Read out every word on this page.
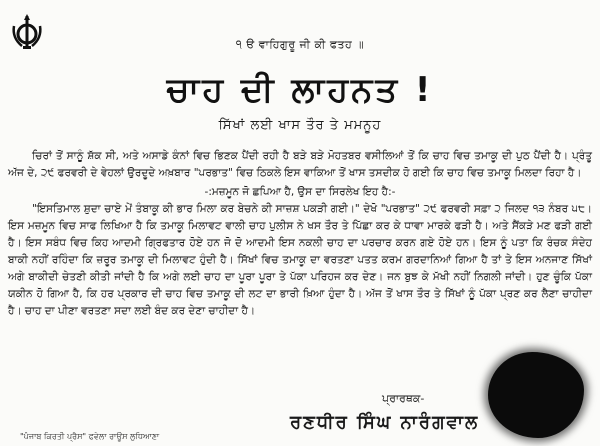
੧ ੳ ਵਾਹਿਗੁਰੂ ਜੀ ਕੀ ਫਤਹ ॥
ਚਾਹ ਦੀ ਲਾਹਨਤ !
ਸਿੱਖਾਂ ਲਈ ਖਾਸ ਤੌਰ ਤੇ ਮਮਨੂਹ

ਚਿਰਾਂ ਤੋਂ ਸਾਨੂੰ ਸ਼ੱਕ ਸੀ, ਅਤੇ ਅਸਾਡੇ ਕੰਨਾਂ ਵਿਚ ਭਿਣਕ ਪੈਂਦੀ ਰਹੀ ਹੈ ਬੜੇ ਬੜੇ ਮੋਹਤਬਰ ਵਸੀਲਿਆਂ ਤੋਂ ਕਿ ਚਾਹ ਵਿਚ ਤਮਾਕੂ ਦੀ ਪੁਠ ਪੈਂਦੀ ਹੈ। ਪ੍ਰੰਤੂ ਅੱਜ ਦੇ, ੨੯ ਫਰਵਰੀ ਦੇ ਵੇਹਲਾਂ ਉਰਦੂਦੇ ਅਖ਼ਬਾਰ "ਪਰਭਾਤ" ਵਿਚ ਠਿਕਲੇ ਇਸ ਵਾਕਿਆ ਤੋਂ ਖਾਸ ਤਸਦੀਕ ਹੋ ਗਈ ਕਿ ਚਾਹ ਵਿਚ ਤਮਾਕੂ ਮਿਲਦਾ ਰਿਹਾ ਹੈ।

-:ਮਜ਼ਮੂਨ ਜੋ ਛਪਿਆ ਹੈ, ਉਸ ਦਾ ਸਿਰਲੇਖ ਇਹ ਹੈ:-

"ਇਸਤਿਮਾਲ ਸ਼ੁਦਾ ਚਾਏ ਮੇਂ ਤੰਬਾਕੂ ਕੀ ਭਾਰ ਮਿਲਾ ਕਰ ਬੇਚਨੇ ਕੀ ਸਾਜ਼ਸ਼ ਪਕੜੀ ਗਈ।" ਦੇਖੋ "ਪਰਭਾਤ" ੨੯ ਫਰਵਰੀ ਸਫ਼ਾ ੨ ਜਿਲਦ ੧੩ ਨੰਬਰ ੫੮। ਇਸ ਮਜ਼ਮੂਨ ਵਿਚ ਸਾਫ ਲਿਖਿਆ ਹੈ ਕਿ ਤਮਾਕੂ ਮਿਲਾਵਟ ਵਾਲੀ ਚਾਹ ਪੁਲੀਸ ਨੇ ਖਸ ਤੌਰ ਤੇ ਪਿੱਛਾ ਕਰ ਕੇ ਧਾਵਾ ਮਾਰਕੇ ਫੜੀ ਹੈ। ਅਤੇ ਸੈਂਕੜੇ ਮਣ ਫੜੀ ਗਈ ਹੈ। ਇਸ ਸਬੰਧ ਵਿਚ ਕਿਹ ਆਦਮੀ ਗ੍ਰਿਫਤਾਰ ਹੋਏ ਹਨ ਜੋ ਦੋ ਆਦਮੀ ਇਸ ਨਕਲੀ ਚਾਹ ਦਾ ਪਰਚਾਰ ਕਰਨ ਗਏ ਹੋਏ ਹਨ। ਇਸ ਨੂੰ ਪਤਾ ਕਿ ਰੰਚਕ ਸੰਦੇਹ ਬਾਕੀ ਨਹੀਂ ਰਹਿੰਦਾ ਕਿ ਜ਼ਰੂਰ ਤਮਾਕੂ ਦੀ ਮਿਲਾਵਟ ਹੁੰਦੀ ਹੈ। ਸਿੱਖਾਂ ਵਿਚ ਤਮਾਕੂ ਦਾ ਵਰਤਣਾ ਪਤਤ ਕਰਮ ਗਰਦਾਨਿਆਂ ਗਿਆ ਹੈ ਤਾਂ ਤੇ ਇਸ ਅਨਜਾਣ ਸਿੱਖਾਂ ਅਗੇ ਬਾਕੀਦੀ ਚੇਤਣੀ ਕੀਤੀ ਜਾਂਦੀ ਹੈ ਕਿ ਅਗੇ ਲਈ ਚਾਹ ਦਾ ਪੂਰਾ ਪੂਰਾ ਤੇ ਪੱਕਾ ਪਰਿਹਜ ਕਰ ਦੇਣ। ਜਨ ਬੁਝ ਕੇ ਮੱਖੀ ਨਹੀਂ ਨਿਗਲੀ ਜਾਂਦੀ। ਹੁਣ ਚੂੰਕਿ ਪੱਕਾ ਯਕੀਨ ਹੋ ਗਿਆ ਹੈ, ਕਿ ਹਰ ਪ੍ਰਕਾਰ ਦੀ ਚਾਹ ਵਿਚ ਤਮਾਕੂ ਦੀ ਲਟ ਦਾ ਭਾਰੀ ਖ਼ਿਆ ਹੁੰਦਾ ਹੈ। ਅੱਜ ਤੋਂ ਖਾਸ ਤੌਰ ਤੇ ਸਿੱਖਾਂ ਨੂੰ ਪੱਕਾ ਪ੍ਰਣ ਕਰ ਲੈਣਾ ਚਾਹੀਦਾ ਹੈ। ਚਾਹ ਦਾ ਪੀਣਾ ਵਰਤਣਾ ਸਦਾ ਲਈ ਬੰਦ ਕਰ ਦੇਣਾ ਚਾਹੀਦਾ ਹੈ।

ਪ੍ਰਾਰਥਕ-
ਰਣਧੀਰ ਸਿੰਘ ਨਾਰੰਗਵਾਲ
"ਪੰਜਾਬ ਕਿਰਤੀ ਪ੍ਰੈਸ" ਫਵੇਲਾ ਰਾਊਸ ਲੁਧਿਆਣਾ
